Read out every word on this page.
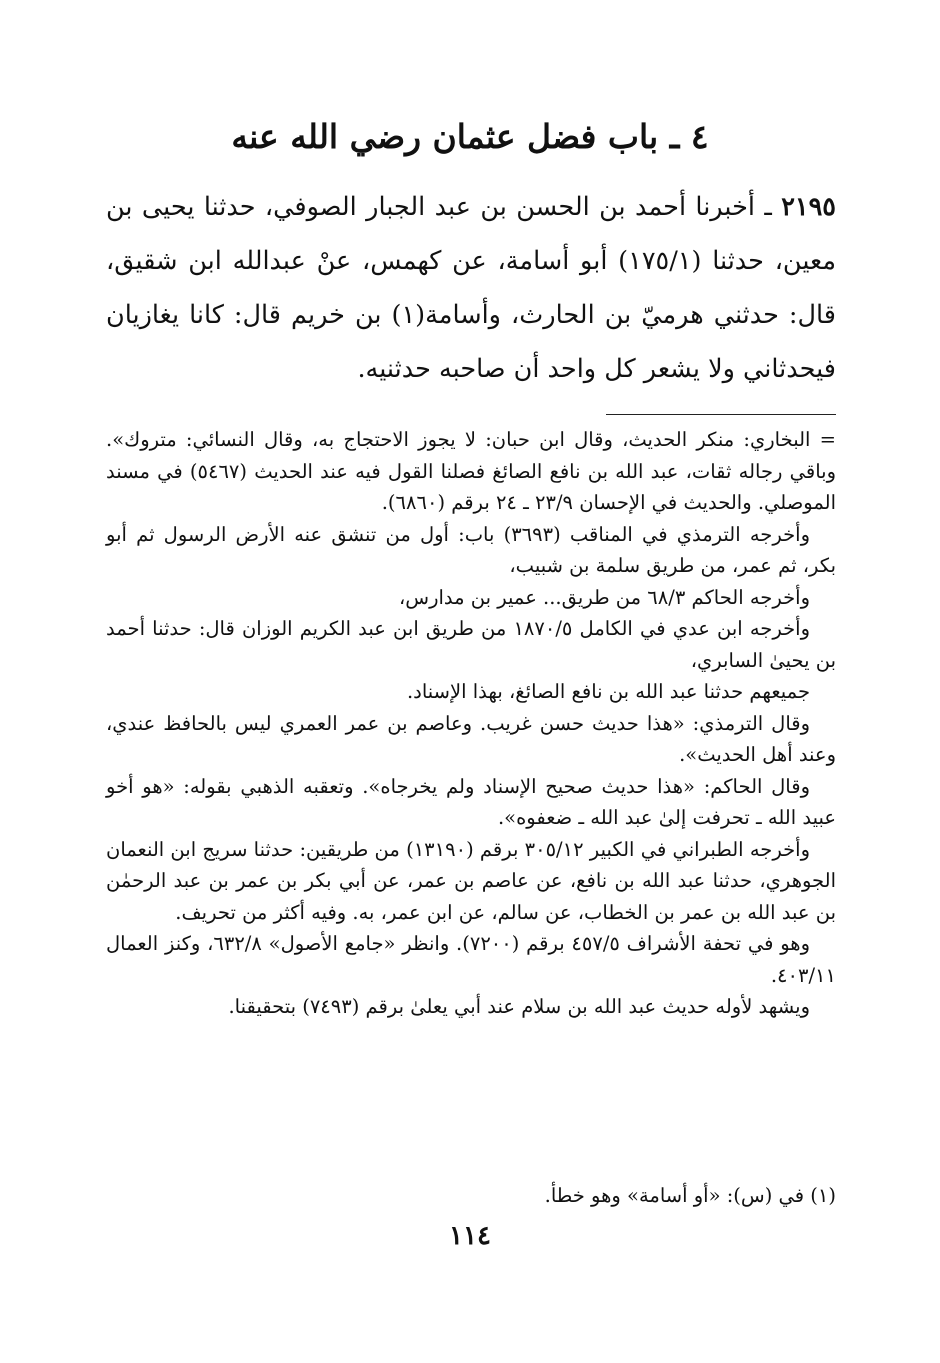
٤ ـ باب فضل عثمان رضي الله عنه
٢١٩٥ ـ أخبرنا أحمد بن الحسن بن عبد الجبار الصوفي، حدثنا يحيى بن معين، حدثنا (١٧٥/١) أبو أسامة، عن كهمس، عنْ عبدالله ابن شقيق، قال: حدثني هرميّ بن الحارث، وأسامة(١) بن خريم قال: كانا يغازيان فيحدثاني ولا يشعر كل واحد أن صاحبه حدثنيه.

= البخاري: منكر الحديث، وقال ابن حبان: لا يجوز الاحتجاج به، وقال النسائي: متروك». وباقي رجاله ثقات، عبد الله بن نافع الصائغ فصلنا القول فيه عند الحديث (٥٤٦٧) في مسند الموصلي. والحديث في الإحسان ٢٣/٩ ـ ٢٤ برقم (٦٨٦٠).

وأخرجه الترمذي في المناقب (٣٦٩٣) باب: أول من تنشق عنه الأرض الرسول ثم أبو بكر، ثم عمر، من طريق سلمة بن شبيب،

وأخرجه الحاكم ٦٨/٣ من طريق... عمير بن مدارس،

وأخرجه ابن عدي في الكامل ١٨٧٠/٥ من طريق ابن عبد الكريم الوزان قال: حدثنا أحمد بن يحيىٰ السابري،

جميعهم حدثنا عبد الله بن نافع الصائغ، بهذا الإسناد.

وقال الترمذي: «هذا حديث حسن غريب. وعاصم بن عمر العمري ليس بالحافظ عندي، وعند أهل الحديث».

وقال الحاكم: «هذا حديث صحيح الإسناد ولم يخرجاه». وتعقبه الذهبي بقوله: «هو أخو عبيد الله ـ تحرفت إلىٰ عبد الله ـ ضعفوه».

وأخرجه الطبراني في الكبير ٣٠٥/١٢ برقم (١٣١٩٠) من طريقين: حدثنا سريج ابن النعمان الجوهري، حدثنا عبد الله بن نافع، عن عاصم بن عمر، عن أبي بكر بن عمر بن عبد الرحمٰن بن عبد الله بن عمر بن الخطاب، عن سالم، عن ابن عمر، به. وفيه أكثر من تحريف.

وهو في تحفة الأشراف ٤٥٧/٥ برقم (٧٢٠٠). وانظر «جامع الأصول» ٦٣٢/٨، وكنز العمال ٤٠٣/١١.

ويشهد لأوله حديث عبد الله بن سلام عند أبي يعلىٰ برقم (٧٤٩٣) بتحقيقنا.

(١) في (س): «أو أسامة» وهو خطأ.
١١٤
